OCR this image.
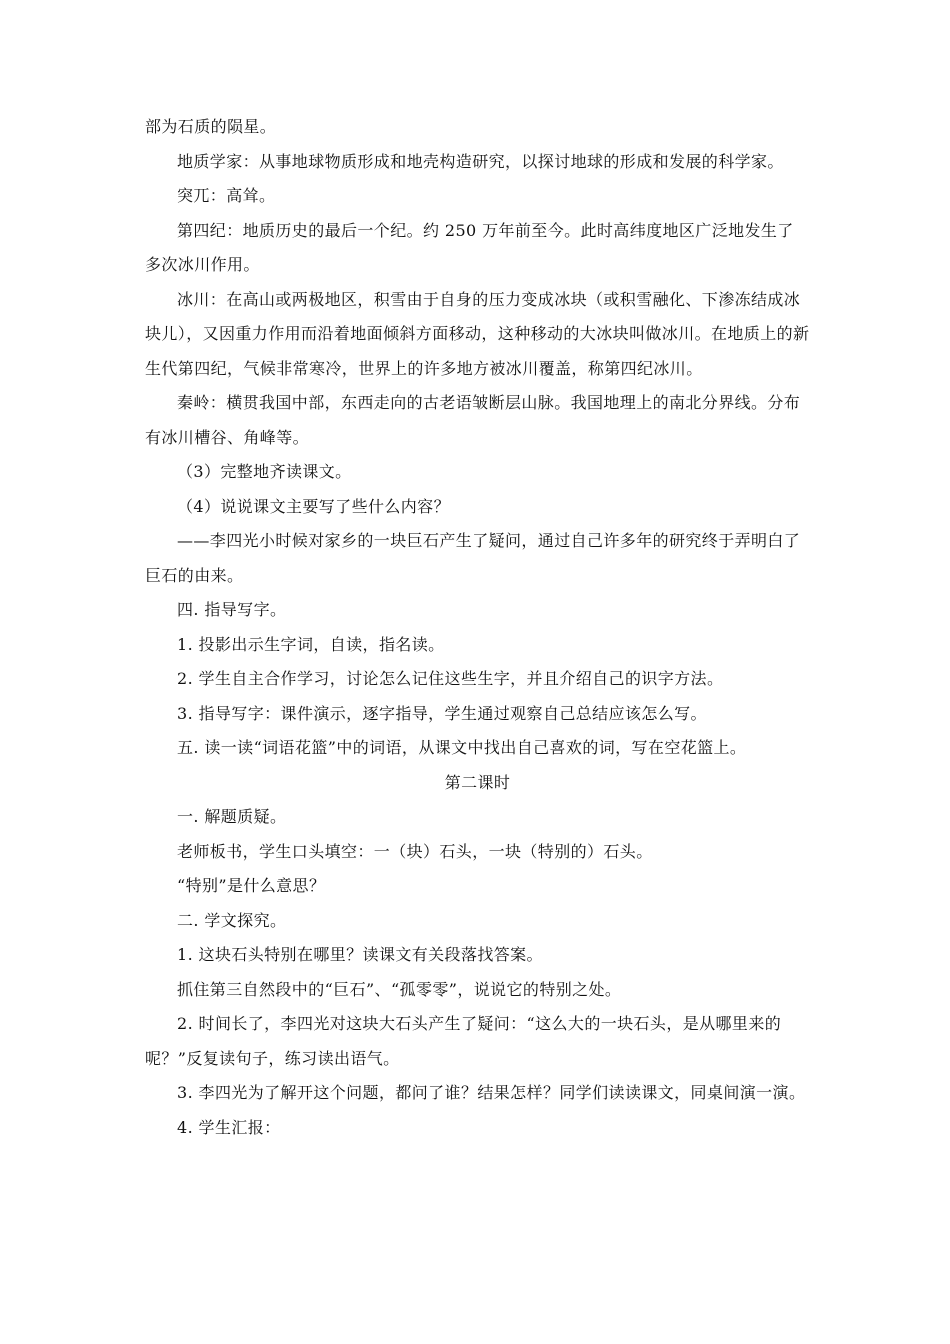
部为石质的陨星。

地质学家：从事地球物质形成和地壳构造研究，以探讨地球的形成和发展的科学家。

突兀：高耸。

第四纪：地质历史的最后一个纪。约 250 万年前至今。此时高纬度地区广泛地发生了多次冰川作用。

冰川：在高山或两极地区，积雪由于自身的压力变成冰块（或积雪融化、下渗冻结成冰块儿），又因重力作用而沿着地面倾斜方面移动，这种移动的大冰块叫做冰川。在地质上的新生代第四纪，气候非常寒冷，世界上的许多地方被冰川覆盖，称第四纪冰川。

秦岭：横贯我国中部，东西走向的古老语皱断层山脉。我国地理上的南北分界线。分布有冰川槽谷、角峰等。

（3）完整地齐读课文。

（4）说说课文主要写了些什么内容？

——李四光小时候对家乡的一块巨石产生了疑问，通过自己许多年的研究终于弄明白了巨石的由来。

四. 指导写字。

1. 投影出示生字词，自读，指名读。

2. 学生自主合作学习，讨论怎么记住这些生字，并且介绍自己的识字方法。

3. 指导写字：课件演示，逐字指导，学生通过观察自己总结应该怎么写。

五. 读一读“词语花篮”中的词语，从课文中找出自己喜欢的词，写在空花篮上。

第二课时

一. 解题质疑。

老师板书，学生口头填空：一（块）石头，一块（特别的）石头。

“特别”是什么意思？

二. 学文探究。

1. 这块石头特别在哪里？读课文有关段落找答案。

抓住第三自然段中的“巨石”、“孤零零”，说说它的特别之处。

2. 时间长了，李四光对这块大石头产生了疑问：“这么大的一块石头，是从哪里来的呢？”反复读句子，练习读出语气。

3. 李四光为了解开这个问题，都问了谁？结果怎样？同学们读读课文，同桌间演一演。

4. 学生汇报：
